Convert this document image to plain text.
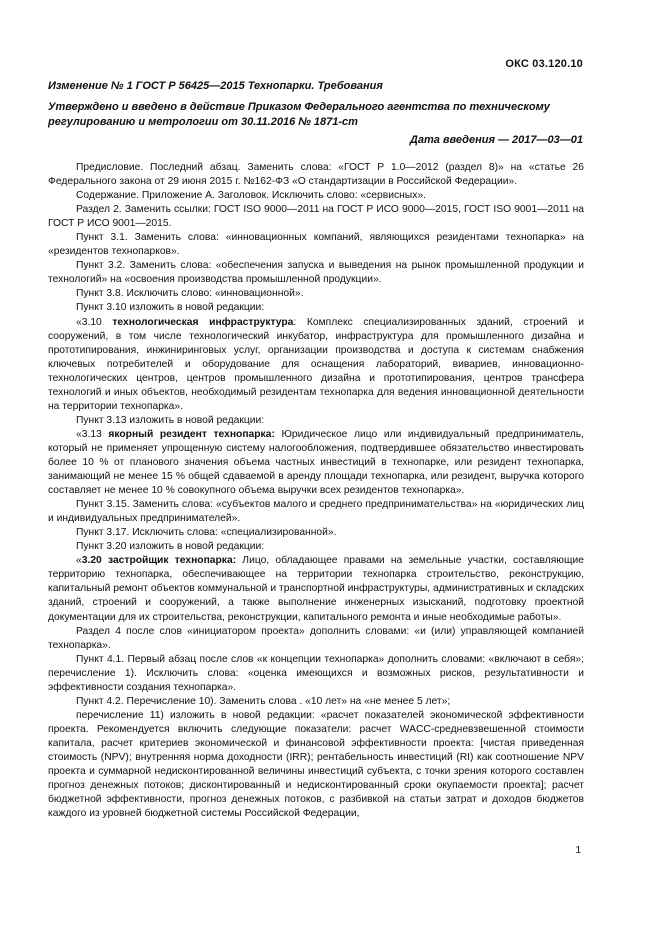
ОКС 03.120.10
Изменение № 1 ГОСТ Р 56425—2015 Технопарки. Требования
Утверждено и введено в действие Приказом Федерального агентства по техническому регулированию и метрологии от 30.11.2016 № 1871-ст
Дата введения — 2017—03—01

Предисловие. Последний абзац. Заменить слова: «ГОСТ Р 1.0—2012 (раздел 8)» на «статье 26 Федерального закона от 29 июня 2015 г. №162-ФЗ «О стандартизации в Российской Федерации».

Содержание. Приложение А. Заголовок. Исключить слово: «сервисных».

Раздел 2. Заменить ссылки: ГОСТ ISO 9000—2011 на ГОСТ Р ИСО 9000—2015, ГОСТ ISO 9001—2011 на ГОСТ Р ИСО 9001—2015.

Пункт 3.1. Заменить слова: «инновационных компаний, являющихся резидентами технопарка» на «резидентов технопарков».

Пункт 3.2. Заменить слова: «обеспечения запуска и выведения на рынок промышленной продукции и технологий» на «освоения производства промышленной продукции».

Пункт 3.8. Исключить слово: «инновационной».

Пункт 3.10 изложить в новой редакции:

«3.10 технологическая инфраструктура: Комплекс специализированных зданий, строений и сооружений, в том числе технологический инкубатор, инфраструктура для промышленного дизайна и прототипирования, инжиниринговых услуг, организации производства и доступа к системам снабжения ключевых потребителей и оборудование для оснащения лабораторий, вивариев, инновационно-технологических центров, центров промышленного дизайна и прототипирования, центров трансфера технологий и иных объектов, необходимый резидентам технопарка для ведения инновационной деятельности на территории технопарка».

Пункт 3.13 изложить в новой редакции:

«3.13 якорный резидент технопарка: Юридическое лицо или индивидуальный предприниматель, который не применяет упрощенную систему налогообложения, подтвердившее обязательство инвестировать более 10 % от планового значения объема частных инвестиций в технопарке, или резидент технопарка, занимающий не менее 15 % общей сдаваемой в аренду площади технопарка, или резидент, выручка которого составляет не менее 10 % совокупного объема выручки всех резидентов технопарка».

Пункт 3.15. Заменить слова: «субъектов малого и среднего предпринимательства» на «юридических лиц и индивидуальных предпринимателей».

Пункт 3.17. Исключить слова: «специализированной».

Пункт 3.20 изложить в новой редакции:

«3.20 застройщик технопарка: Лицо, обладающее правами на земельные участки, составляющие территорию технопарка, обеспечивающее на территории технопарка строительство, реконструкцию, капитальный ремонт объектов коммунальной и транспортной инфраструктуры, административных и складских зданий, строений и сооружений, а также выполнение инженерных изысканий, подготовку проектной документации для их строительства, реконструкции, капитального ремонта и иные необходимые работы».

Раздел 4 после слов «инициатором проекта» дополнить словами: «и (или) управляющей компанией технопарка».

Пункт 4.1. Первый абзац после слов «к концепции технопарка» дополнить словами: «включают в себя»; перечисление 1). Исключить слова: «оценка имеющихся и возможных рисков, результативности и эффективности создания технопарка».

Пункт 4.2. Перечисление 10). Заменить слова . «10 лет» на «не менее 5 лет»;

перечисление 11) изложить в новой редакции: «расчет показателей экономической эффективности проекта. Рекомендуется включить следующие показатели: расчет WACC-средневзвешенной стоимости капитала, расчет критериев экономической и финансовой эффективности проекта: [чистая приведенная стоимость (NPV); внутренняя норма доходности (IRR); рентабельность инвестиций (RI) как соотношение NPV проекта и суммарной недисконтированной величины инвестиций субъекта, с точки зрения которого составлен прогноз денежных потоков; дисконтированный и недисконтированный сроки окупаемости проекта]; расчет бюджетной эффективности, прогноз денежных потоков, с разбивкой на статьи затрат и доходов бюджетов каждого из уровней бюджетной системы Российской Федерации,

1
